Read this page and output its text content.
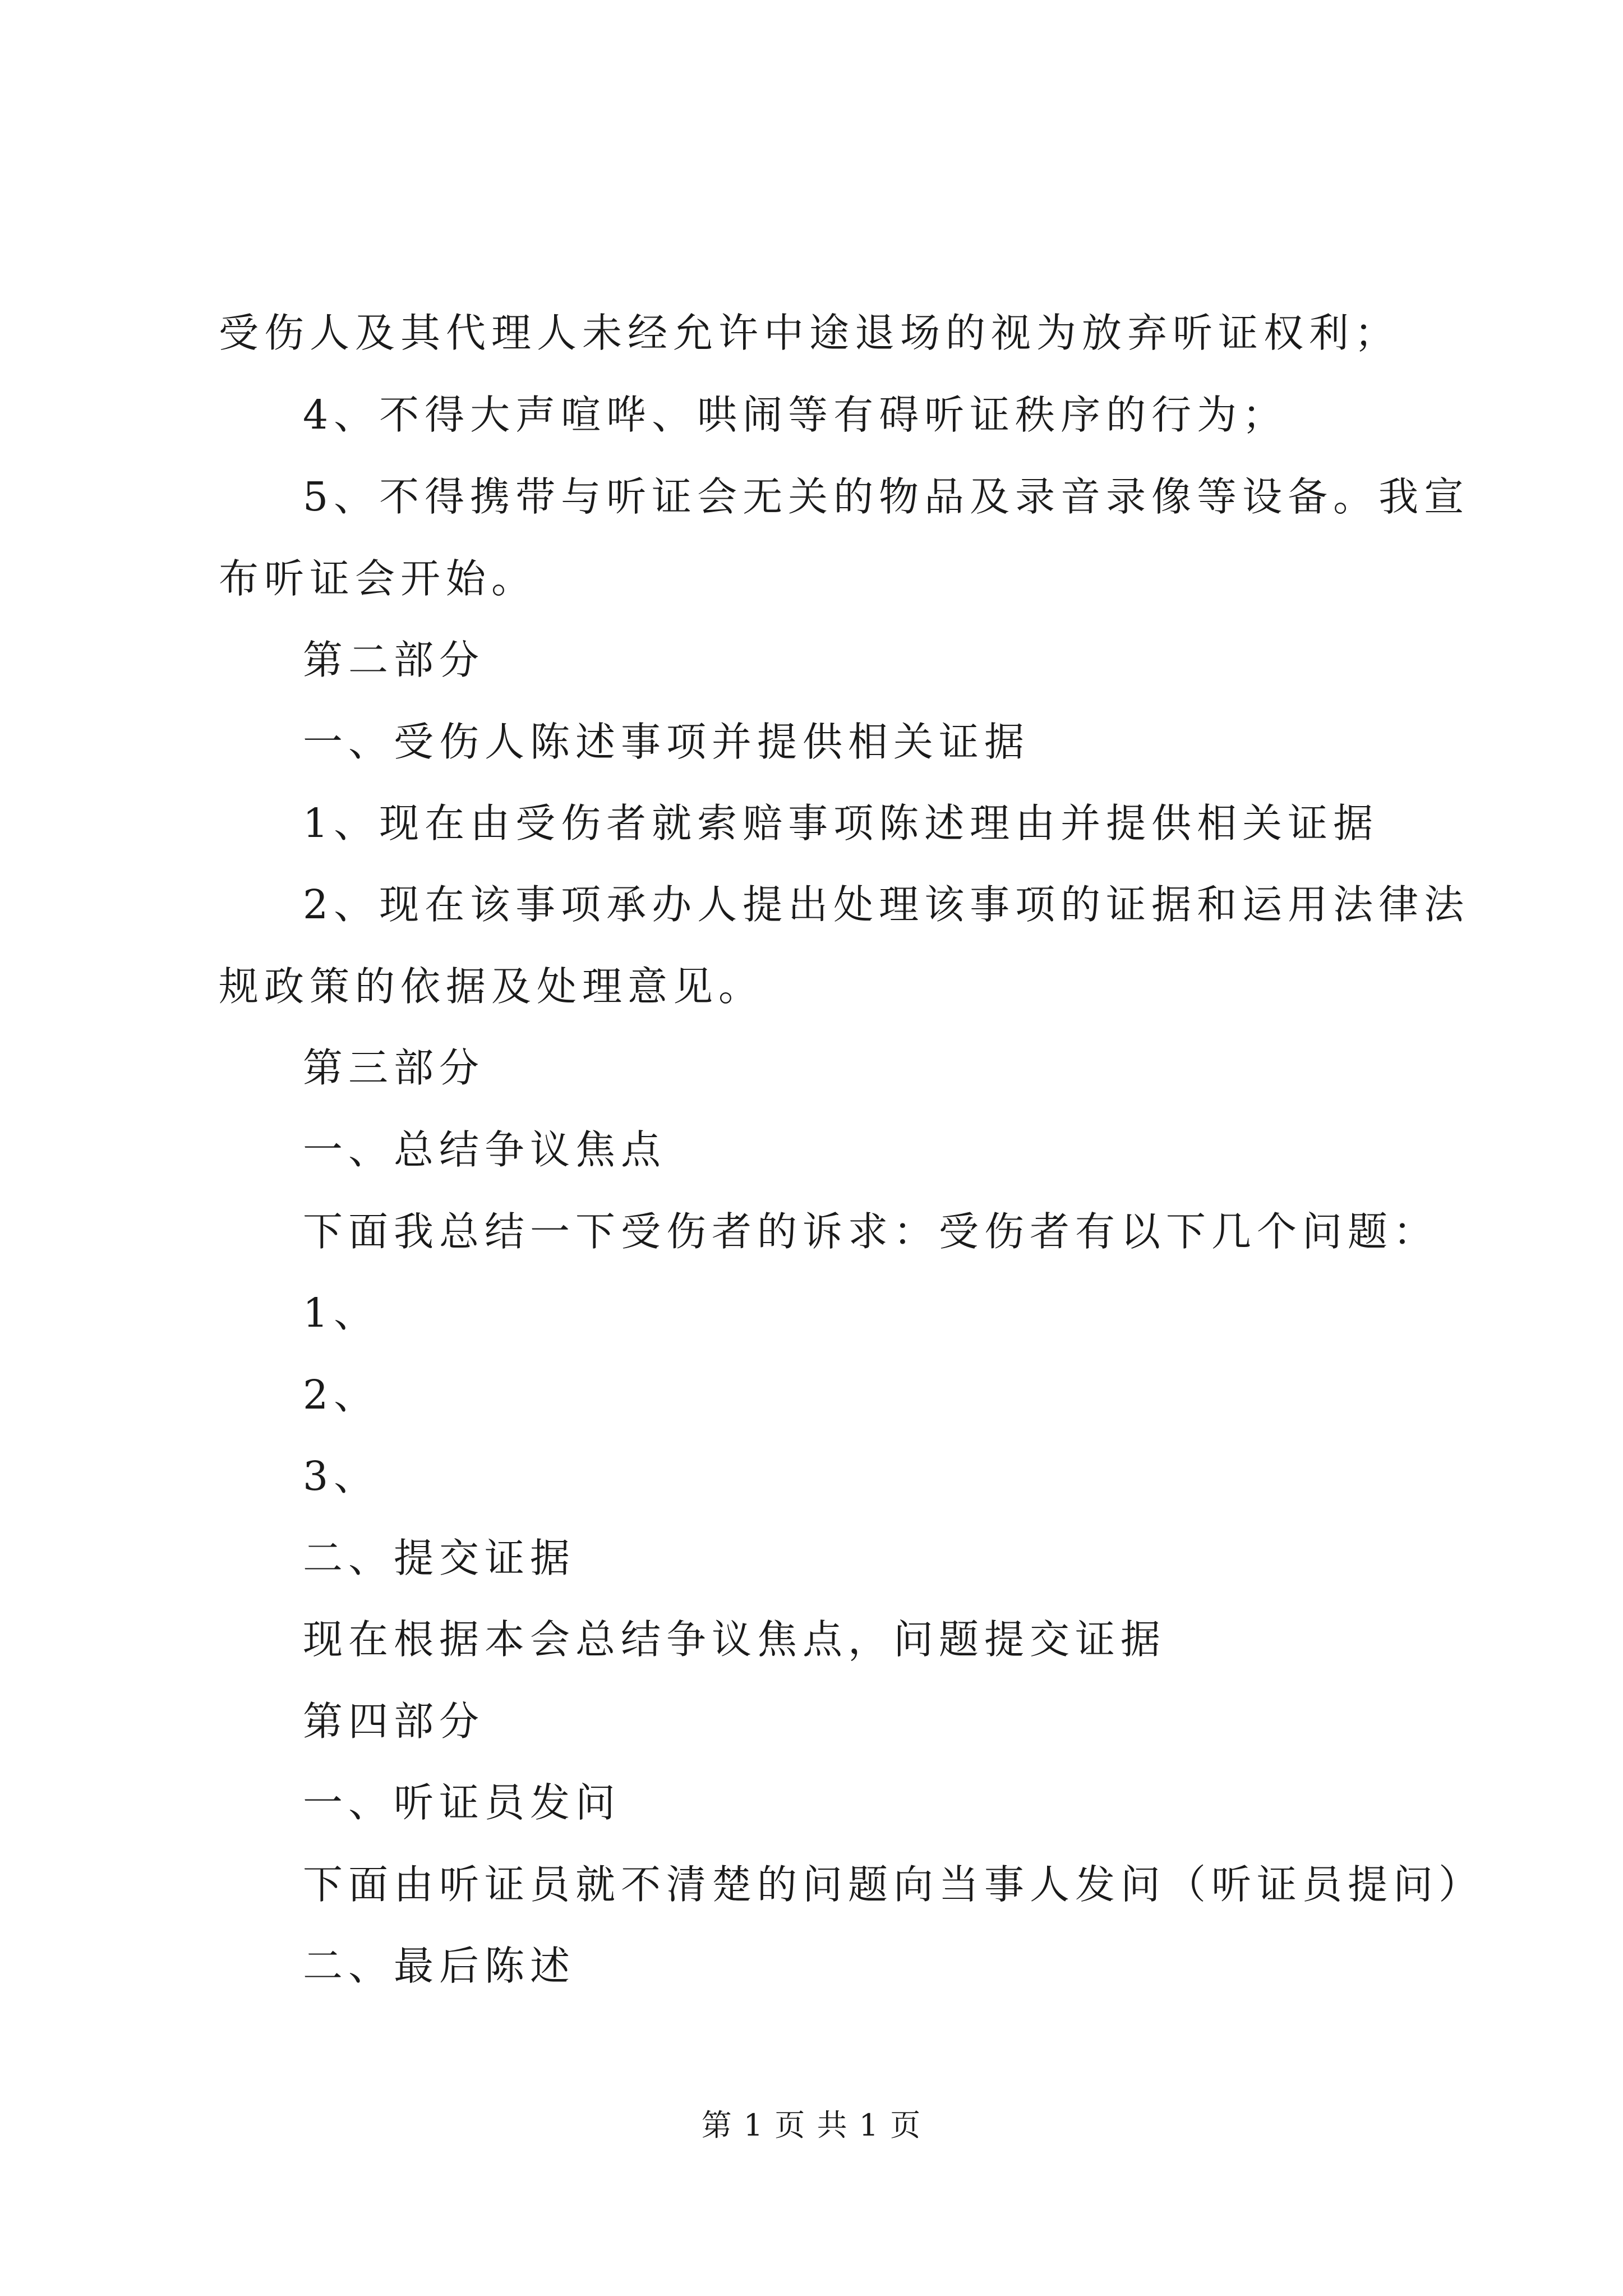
受伤人及其代理人未经允许中途退场的视为放弃听证权利；
4、不得大声喧哗、哄闹等有碍听证秩序的行为；
5、不得携带与听证会无关的物品及录音录像等设备。我宣
布听证会开始。
第二部分
一、受伤人陈述事项并提供相关证据
1、现在由受伤者就索赔事项陈述理由并提供相关证据
2、现在该事项承办人提出处理该事项的证据和运用法律法
规政策的依据及处理意见。
第三部分
一、总结争议焦点
下面我总结一下受伤者的诉求：受伤者有以下几个问题：
1、
2、
3、
二、提交证据
现在根据本会总结争议焦点，问题提交证据
第四部分
一、听证员发问
下面由听证员就不清楚的问题向当事人发问（听证员提问）
二、最后陈述
第 1 页 共 1 页
